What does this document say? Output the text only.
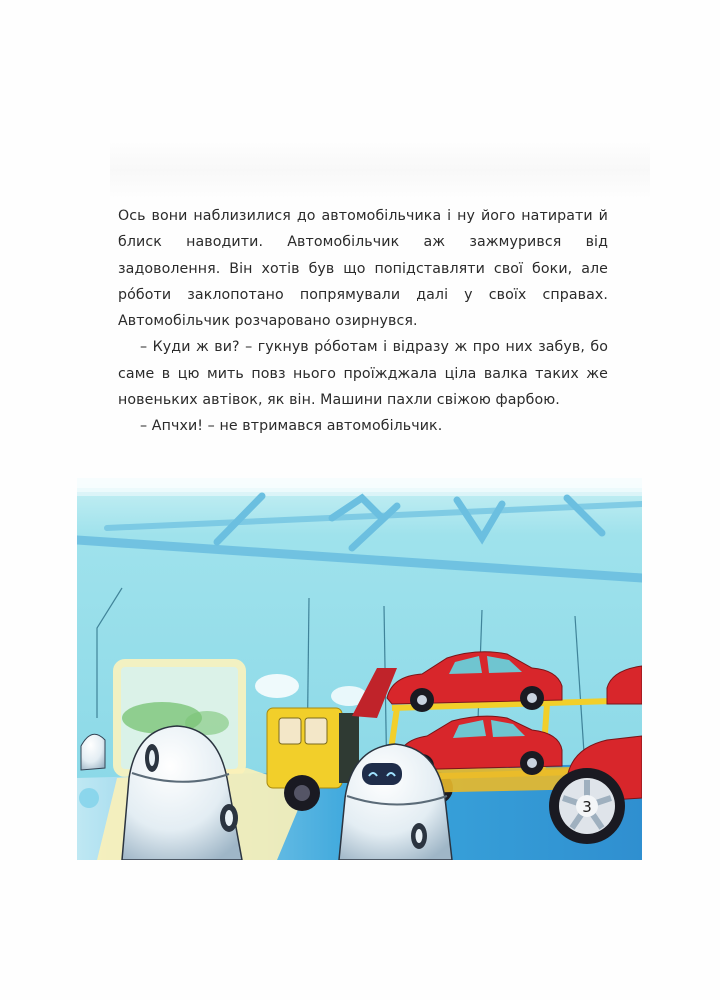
Ось вони наблизилися до автомобільчика і ну його натирати й блиск наводити. Автомобільчик аж зажмурився від задоволення. Він хотів був що попідставляти свої боки, але рóботи заклопотано попрямували далі у своїх справах. Автомобільчик розчаровано озирнувся.

– Куди ж ви? – гукнув рóботам і відразу ж про них забув, бо саме в цю мить повз нього проїжджала ціла валка таких же новеньких автівок, як він. Машини пахли свіжою фарбою.

– Апчхи! – не втримався автомобільчик.

3
